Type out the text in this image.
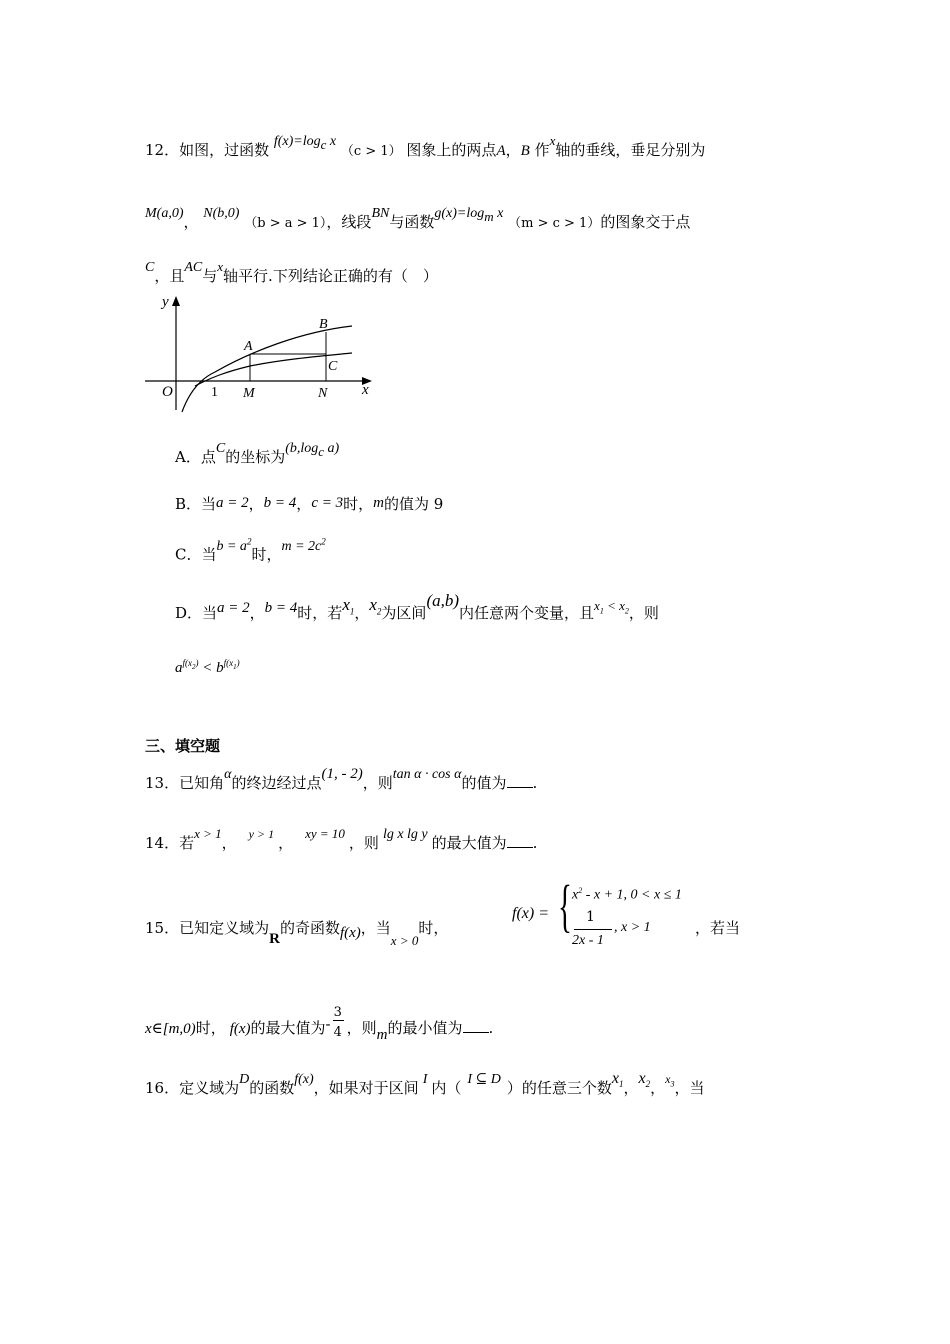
12．如图，过函数 $f(x)=\log_c$ x （c > 1） 图象上的两点A，B 作x轴的垂线，垂足分别为
M(a,0)， N(b,0) （b > a > 1），线段BN与函数$g(x)=\log_m$ x （m > c > 1）的图象交于点
C，且AC与x轴平行.下列结论正确的有（　）
y
O	1 M	N x
A
B
C
A．点C的坐标为($b,\log_c$ a)
B．当a = 2，b = 4，c = 3时，m的值为 9
C．当$b = a^2$时，$m = 2c^2$
D．当a = 2，b = 4时，若$x_1$，$x_2$为区间(a,b)内任意两个变量，且$x_1 < x_2$，则
$a^{f(x_2)} < b^{f(x_1)}$
三、填空题
13．已知角α的终边经过点(1, - 2)，则tan α · cos α的值为 .
14．若x > 1， $^{y > 1}$ ，xy = 10，则 lg x lg y 的最大值为 .
15．已知定义域为R的奇函数f(x)，当x > 0时，
f(x) = { $x^2 - x + 1$, 0 < x ≤ 1
1
2x - 1
, x > 1	，若当
x∈[m,0)时， f(x)的最大值为- $\frac{3}{4}$ ，则m的最小值为 .
16．定义域为D的函数f(x)，如果对于区间 I 内（ I ⊆ D ）的任意三个数$x_1$，$x_2$，$^{x_3}$，当
